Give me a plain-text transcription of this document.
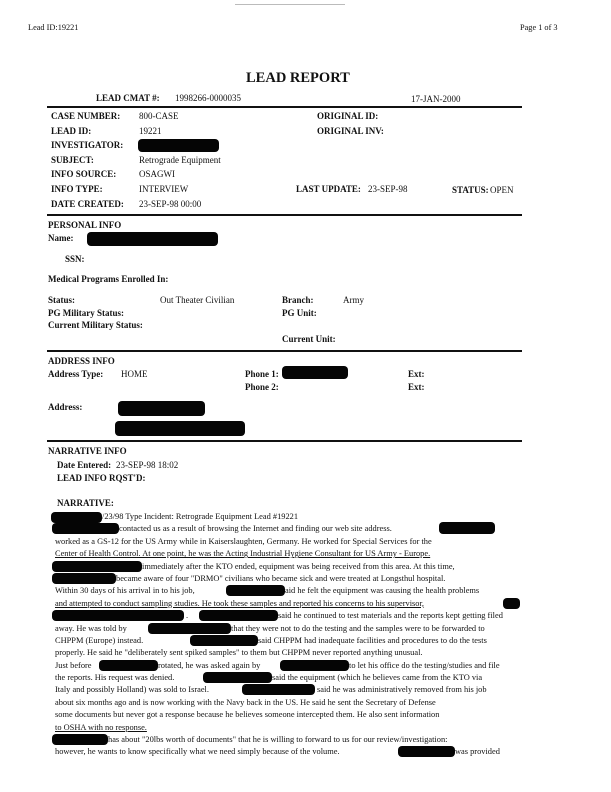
Lead ID:19221	Page 1 of 3
LEAD REPORT
LEAD CMAT #: 1998266-0000035	17-JAN-2000
CASE NUMBER: 800-CASE	ORIGINAL ID:
LEAD ID:	19221	ORIGINAL INV:
INVESTIGATOR:
SUBJECT:	Retrograde Equipment
INFO SOURCE:	OSAGWI
INFO TYPE:	INTERVIEW	LAST UPDATE: 23-SEP-98	STATUS: OPEN
DATE CREATED: 23-SEP-98 00:00
PERSONAL INFO
Name:
SSN:
Medical Programs Enrolled In:
Status:	Out Theater Civilian	Branch:	Army
PG Military Status:	PG Unit:
Current Military Status:
Current Unit:
ADDRESS INFO
Address Type: HOME	Phone 1:	Ext:
Phone 2:	Ext:
Address:
NARRATIVE INFO
Date Entered: 23-SEP-98 18:02
LEAD INFO RQST'D:
NARRATIVE:
/23/98 Type Incident: Retrograde Equipment Lead #19221
contacted us as a result of browsing the Internet and finding our web site address.
worked as a GS-12 for the US Army while in Kaiserslaughten, Germany. He worked for Special Services for the
Center of Health Control. At one point, he was the Acting Industrial Hygiene Consultant for US Army - Europe.
immediately after the KTO ended, equipment was being received from this area. At this time,
became aware of four "DRMO" civilians who became sick and were treated at Longsthul hospital.
Within 30 days of his arrival in to his job,	aid he felt the equipment was causing the health problems
and attempted to conduct sampling studies. He took these samples and reported his concerns to his supervisor,
.	said he continued to test materials and the reports kept getting filed
away. He was told by	that they were not to do the testing and the samples were to be forwarded to
CHPPM (Europe) instead.	said CHPPM had inadequate facilities and procedures to do the tests
properly. He said he "deliberately sent spiked samples" to them but CHPPM never reported anything unusual.
Just before	rotated, he was asked again by	to let his office do the testing/studies and file
the reports. His request was denied.	said the equipment (which he believes came from the KTO via
Italy and possibly Holland) was sold to Israel.	said he was administratively removed from his job
about six months ago and is now working with the Navy back in the US. He said he sent the Secretary of Defense
some documents but never got a response because he believes someone intercepted them. He also sent information
to OSHA with no response.
has about "20lbs worth of documents" that he is willing to forward to us for our review/investigation:
however, he wants to know specifically what we need simply because of the volume.	was provided
